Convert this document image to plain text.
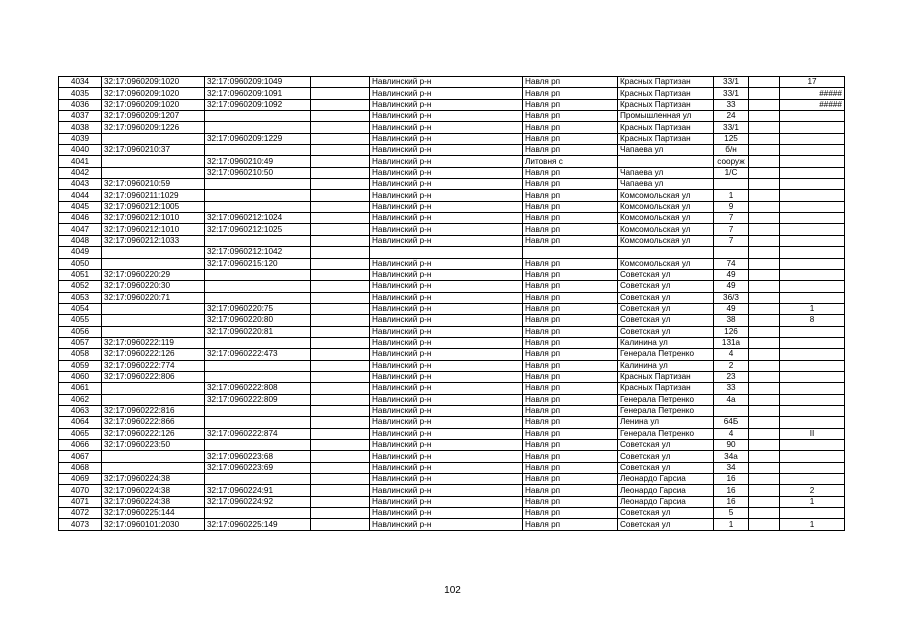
4034	32:17:0960209:1020	32:17:0960209:1049		Навлинский р-н	Навля рп	Красных Партизан	33/1		17
4035	32:17:0960209:1020	32:17:0960209:1091		Навлинский р-н	Навля рп	Красных Партизан	33/1		#####
4036	32:17:0960209:1020	32:17:0960209:1092		Навлинский р-н	Навля рп	Красных Партизан	33		#####
4037	32:17:0960209:1207			Навлинский р-н	Навля рп	Промышленная ул	24		
4038	32:17:0960209:1226			Навлинский р-н	Навля рп	Красных Партизан	33/1		
4039		32:17:0960209:1229		Навлинский р-н	Навля рп	Красных Партизан	125		
4040	32:17:0960210:37			Навлинский р-н	Навля рп	Чапаева ул	б/н		
4041		32:17:0960210:49		Навлинский р-н	Литовня с		сооруж		
4042		32:17:0960210:50		Навлинский р-н	Навля рп	Чапаева ул	1/С		
4043	32:17:0960210:59			Навлинский р-н	Навля рп	Чапаева ул			
4044	32:17:0960211:1029			Навлинский р-н	Навля рп	Комсомольская ул	1		
4045	32:17:0960212:1005			Навлинский р-н	Навля рп	Комсомольская ул	9		
4046	32:17:0960212:1010	32:17:0960212:1024		Навлинский р-н	Навля рп	Комсомольская ул	7		
4047	32:17:0960212:1010	32:17:0960212:1025		Навлинский р-н	Навля рп	Комсомольская ул	7		
4048	32:17:0960212:1033			Навлинский р-н	Навля рп	Комсомольская ул	7		
4049		32:17:0960212:1042							
4050		32:17:0960215:120		Навлинский р-н	Навля рп	Комсомольская ул	74		
4051	32:17:0960220:29			Навлинский р-н	Навля рп	Советская ул	49		
4052	32:17:0960220:30			Навлинский р-н	Навля рп	Советская ул	49		
4053	32:17:0960220:71			Навлинский р-н	Навля рп	Советская ул	36/3		
4054		32:17:0960220:75		Навлинский р-н	Навля рп	Советская ул	49		1
4055		32:17:0960220:80		Навлинский р-н	Навля рп	Советская ул	38		8
4056		32:17:0960220:81		Навлинский р-н	Навля рп	Советская ул	126		
4057	32:17:0960222:119			Навлинский р-н	Навля рп	Калинина ул	131а		
4058	32:17:0960222:126	32:17:0960222:473		Навлинский р-н	Навля рп	Генерала Петренко	4		
4059	32:17:0960222:774			Навлинский р-н	Навля рп	Калинина ул	2		
4060	32:17:0960222:806			Навлинский р-н	Навля рп	Красных Партизан	23		
4061		32:17:0960222:808		Навлинский р-н	Навля рп	Красных Партизан	33		
4062		32:17:0960222:809		Навлинский р-н	Навля рп	Генерала Петренко	4а		
4063	32:17:0960222:816			Навлинский р-н	Навля рп	Генерала Петренко			
4064	32:17:0960222:866			Навлинский р-н	Навля рп	Ленина ул	64Б		
4065	32:17:0960222:126	32:17:0960222:874		Навлинский р-н	Навля рп	Генерала Петренко	4		II
4066	32:17:0960223:50			Навлинский р-н	Навля рп	Советская ул	90		
4067		32:17:0960223:68		Навлинский р-н	Навля рп	Советская ул	34а		
4068		32:17:0960223:69		Навлинский р-н	Навля рп	Советская ул	34		
4069	32:17:0960224:38			Навлинский р-н	Навля рп	Леонардо Гарсиа	16		
4070	32:17:0960224:38	32:17:0960224:91		Навлинский р-н	Навля рп	Леонардо Гарсиа	16		2
4071	32:17:0960224:38	32:17:0960224:92		Навлинский р-н	Навля рп	Леонардо Гарсиа	16		1
4072	32:17:0960225:144			Навлинский р-н	Навля рп	Советская ул	5		
4073	32:17:0960101:2030	32:17:0960225:149		Навлинский р-н	Навля рп	Советская ул	1		1
102
